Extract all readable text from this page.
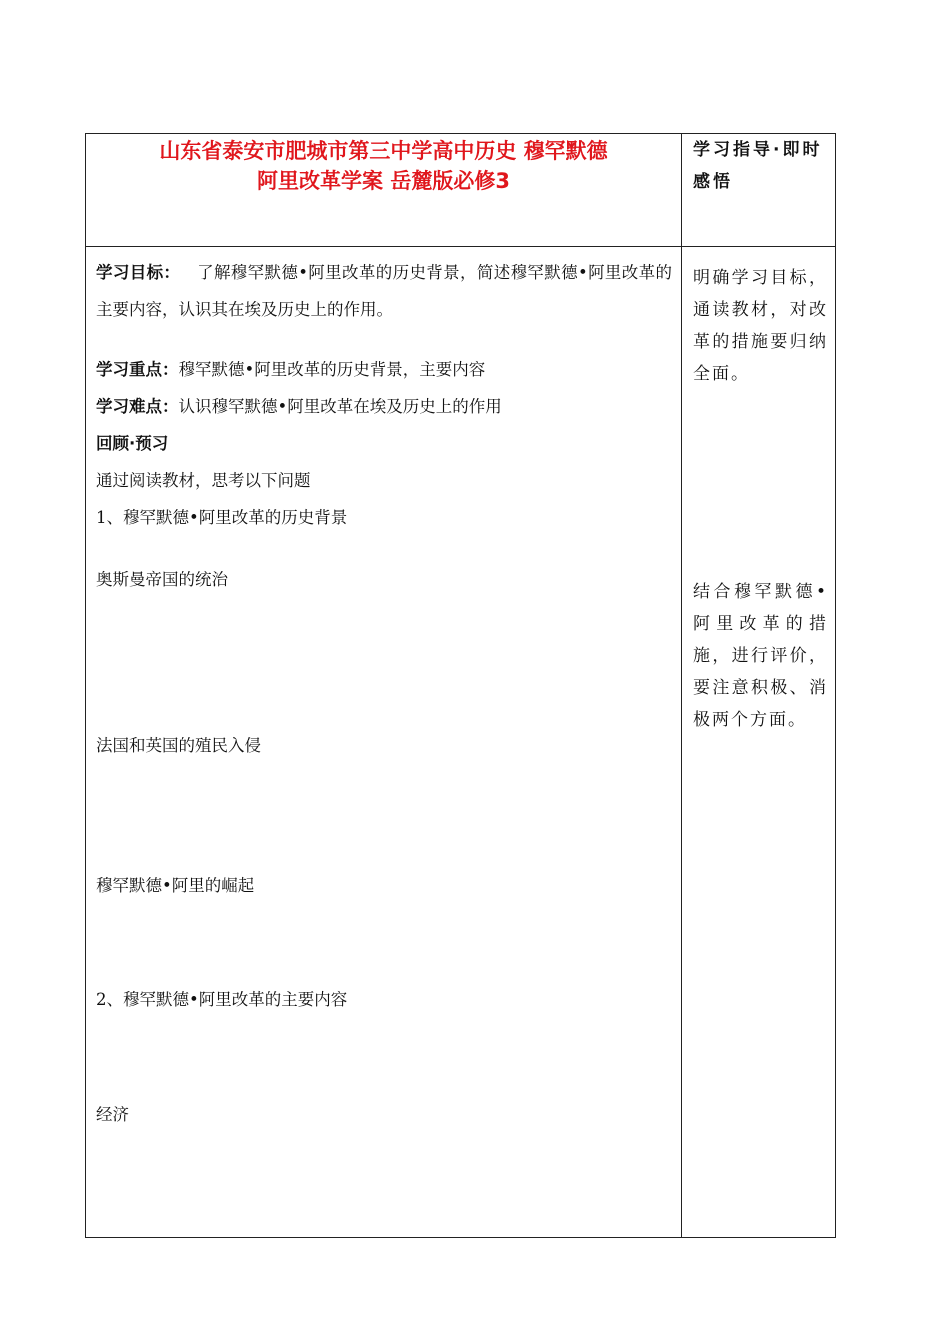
山东省泰安市肥城市第三中学高中历史 穆罕默德
阿里改革学案 岳麓版必修3
学习指导·即时感悟
学习目标： 了解穆罕默德•阿里改革的历史背景，简述穆罕默德•阿里改革的主要内容，认识其在埃及历史上的作用。
学习重点：穆罕默德•阿里改革的历史背景，主要内容
学习难点：认识穆罕默德•阿里改革在埃及历史上的作用
回顾·预习
通过阅读教材，思考以下问题
1、穆罕默德•阿里改革的历史背景
奥斯曼帝国的统治
法国和英国的殖民入侵
穆罕默德•阿里的崛起
2、穆罕默德•阿里改革的主要内容
经济
明确学习目标，通读教材，对改革的措施要归纳全面。
结合穆罕默德•阿里改革的措施，进行评价，要注意积极、消极两个方面。
